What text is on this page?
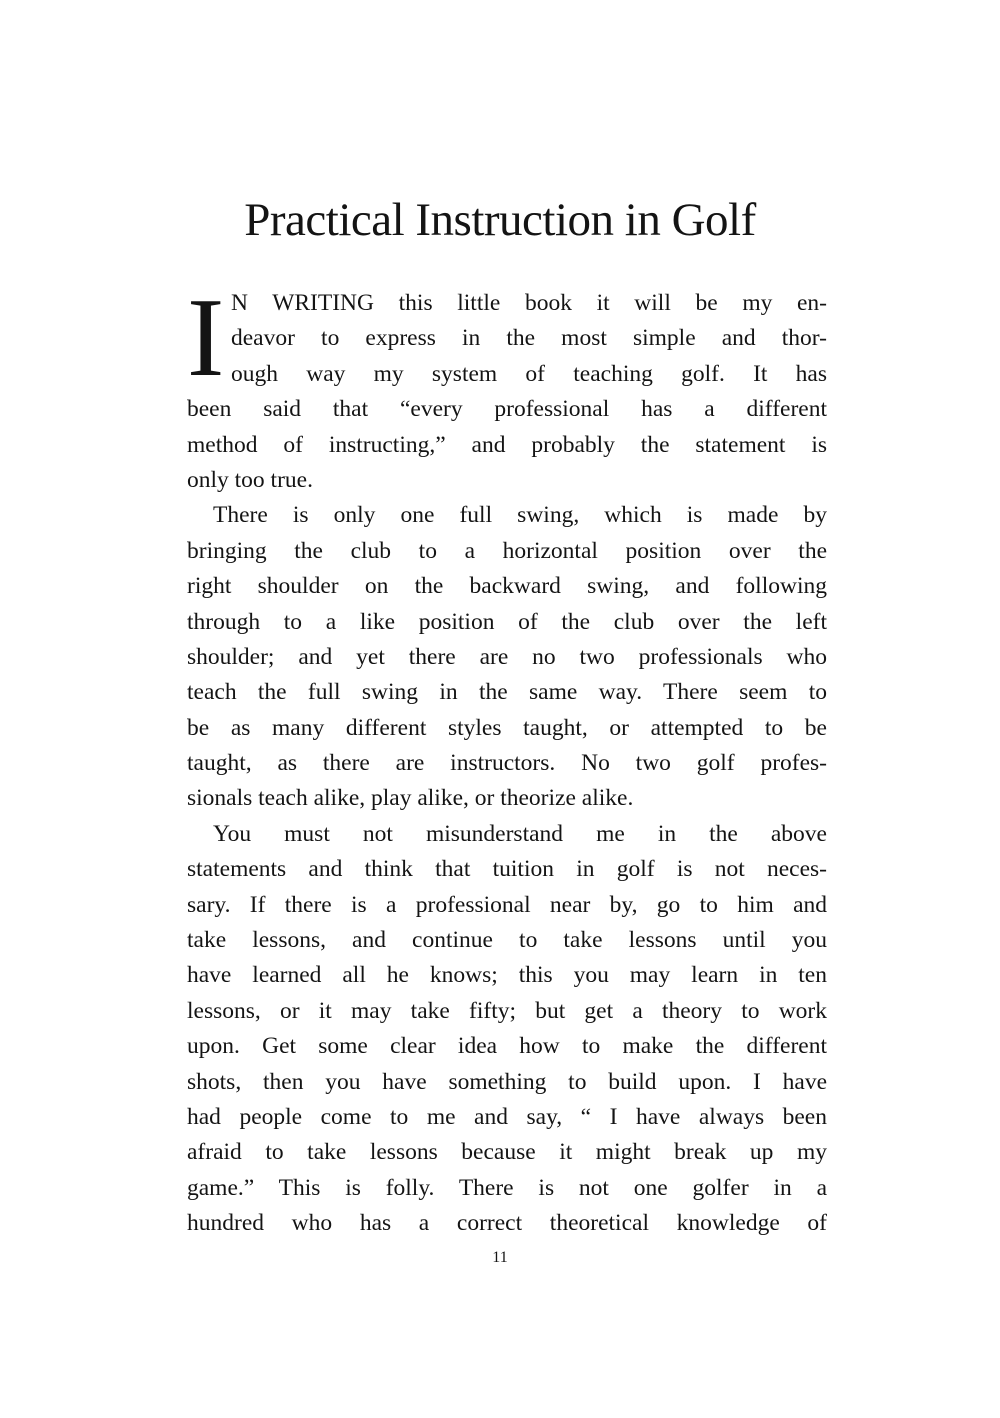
Practical Instruction in Golf
I N WRITING this little book it will be my en-
deavor to express in the most simple and thor-
ough way my system of teaching golf. It has
been said that “every professional has a different
method of instructing,” and probably the statement is
only too true.
There is only one full swing, which is made by
bringing the club to a horizontal position over the
right shoulder on the backward swing, and following
through to a like position of the club over the left
shoulder; and yet there are no two professionals who
teach the full swing in the same way. There seem to
be as many different styles taught, or attempted to be
taught, as there are instructors. No two golf profes-
sionals teach alike, play alike, or theorize alike.
You must not misunderstand me in the above
statements and think that tuition in golf is not neces-
sary. If there is a professional near by, go to him and
take lessons, and continue to take lessons until you
have learned all he knows; this you may learn in ten
lessons, or it may take fifty; but get a theory to work
upon. Get some clear idea how to make the different
shots, then you have something to build upon. I have
had people come to me and say, “ I have always been
afraid to take lessons because it might break up my
game.” This is folly. There is not one golfer in a
hundred who has a correct theoretical knowledge of
11
